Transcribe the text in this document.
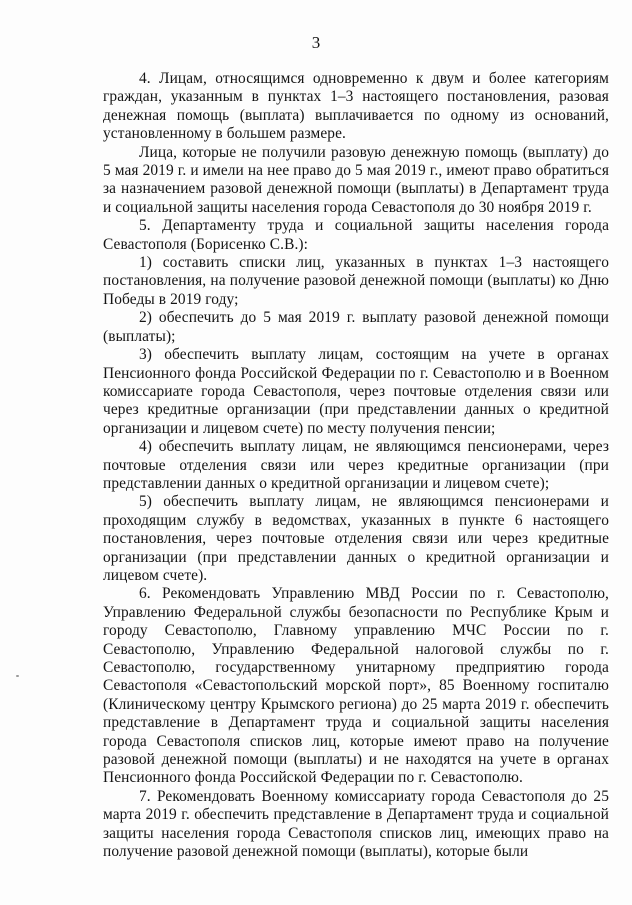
3

4. Лицам, относящимся одновременно к двум и более категориям граждан, указанным в пунктах 1–3 настоящего постановления, разовая денежная помощь (выплата) выплачивается по одному из оснований, установленному в большем размере.

Лица, которые не получили разовую денежную помощь (выплату) до 5 мая 2019 г. и имели на нее право до 5 мая 2019 г., имеют право обратиться за назначением разовой денежной помощи (выплаты) в Департамент труда и социальной защиты населения города Севастополя до 30 ноября 2019 г.

5. Департаменту труда и социальной защиты населения города Севастополя (Борисенко С.В.):

1) составить списки лиц, указанных в пунктах 1–3 настоящего постановления, на получение разовой денежной помощи (выплаты) ко Дню Победы в 2019 году;

2) обеспечить до 5 мая 2019 г. выплату разовой денежной помощи (выплаты);

3) обеспечить выплату лицам, состоящим на учете в органах Пенсионного фонда Российской Федерации по г. Севастополю и в Военном комиссариате города Севастополя, через почтовые отделения связи или через кредитные организации (при представлении данных о кредитной организации и лицевом счете) по месту получения пенсии;

4) обеспечить выплату лицам, не являющимся пенсионерами, через почтовые отделения связи или через кредитные организации (при представлении данных о кредитной организации и лицевом счете);

5) обеспечить выплату лицам, не являющимся пенсионерами и проходящим службу в ведомствах, указанных в пункте 6 настоящего постановления, через почтовые отделения связи или через кредитные организации (при представлении данных о кредитной организации и лицевом счете).

6. Рекомендовать Управлению МВД России по г. Севастополю, Управлению Федеральной службы безопасности по Республике Крым и городу Севастополю, Главному управлению МЧС России по г. Севастополю, Управлению Федеральной налоговой службы по г. Севастополю, государственному унитарному предприятию города Севастополя «Севастопольский морской порт», 85 Военному госпиталю (Клиническому центру Крымского региона) до 25 марта 2019 г. обеспечить представление в Департамент труда и социальной защиты населения города Севастополя списков лиц, которые имеют право на получение разовой денежной помощи (выплаты) и не находятся на учете в органах Пенсионного фонда Российской Федерации по г. Севастополю.

7. Рекомендовать Военному комиссариату города Севастополя до 25 марта 2019 г. обеспечить представление в Департамент труда и социальной защиты населения города Севастополя списков лиц, имеющих право на получение разовой денежной помощи (выплаты), которые были
